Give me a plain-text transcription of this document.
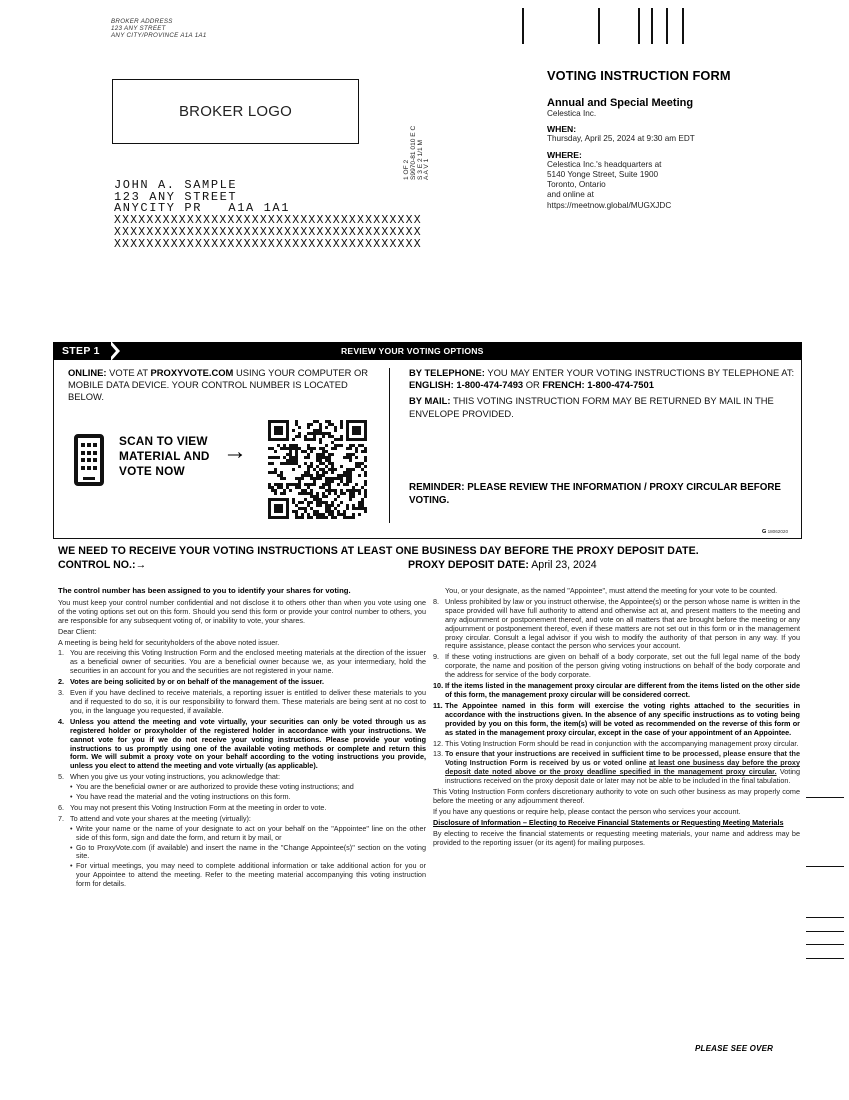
BROKER ADDRESS
123 ANY STREET
ANY CITY/PROVINCE A1A 1A1
BROKER LOGO
1 OF 2 S9970-81 010 E C S 3 E 2 1/1 M A A V 1
JOHN A. SAMPLE
123 ANY STREET
ANYCITY PR   A1A 1A1
XXXXXXXXXXXXXXXXXXXXXXXXXXXXXXXXXXXXXX
XXXXXXXXXXXXXXXXXXXXXXXXXXXXXXXXXXXXXX
XXXXXXXXXXXXXXXXXXXXXXXXXXXXXXXXXXXXXX
VOTING INSTRUCTION FORM
Annual and Special Meeting
Celestica Inc.
WHEN:
Thursday, April 25, 2024 at 9:30 am EDT
WHERE:
Celestica Inc.'s headquarters at
5140 Yonge Street, Suite 1900
Toronto, Ontario
and online at
https://meetnow.global/MUGXJDC
STEP 1	REVIEW YOUR VOTING OPTIONS
ONLINE: VOTE AT PROXYVOTE.COM USING YOUR COMPUTER OR MOBILE DATA DEVICE. YOUR CONTROL NUMBER IS LOCATED BELOW.
SCAN TO VIEW
MATERIAL AND
VOTE NOW
→
BY TELEPHONE: YOU MAY ENTER YOUR VOTING INSTRUCTIONS BY TELEPHONE AT: ENGLISH: 1-800-474-7493 OR FRENCH: 1-800-474-7501
BY MAIL: THIS VOTING INSTRUCTION FORM MAY BE RETURNED BY MAIL IN THE ENVELOPE PROVIDED.
REMINDER: PLEASE REVIEW THE INFORMATION / PROXY CIRCULAR BEFORE VOTING.
G 18062020
WE NEED TO RECEIVE YOUR VOTING INSTRUCTIONS AT LEAST ONE BUSINESS DAY BEFORE THE PROXY DEPOSIT DATE.
CONTROL NO.:→	PROXY DEPOSIT DATE: April 23, 2024

The control number has been assigned to you to identify your shares for voting.

You must keep your control number confidential and not disclose it to others other than when you vote using one of the voting options set out on this form. Should you send this form or provide your control number to others, you are responsible for any subsequent voting of, or inability to vote, your shares.

Dear Client:

A meeting is being held for securityholders of the above noted issuer.

1. You are receiving this Voting Instruction Form and the enclosed meeting materials at the direction of the issuer as a beneficial owner of securities. You are a beneficial owner because we, as your intermediary, hold the securities in an account for you and the securities are not registered in your name.
2. Votes are being solicited by or on behalf of the management of the issuer.
3. Even if you have declined to receive materials, a reporting issuer is entitled to deliver these materials to you and if requested to do so, it is our responsibility to forward them. These materials are being sent at no cost to you, in the language you requested, if available.
4. Unless you attend the meeting and vote virtually, your securities can only be voted through us as registered holder or proxyholder of the registered holder in accordance with your instructions. We cannot vote for you if we do not receive your voting instructions. Please provide your voting instructions to us promptly using one of the available voting methods or complete and return this form. We will submit a proxy vote on your behalf according to the voting instructions you provide, unless you elect to attend the meeting and vote virtually (as applicable).
5. When you give us your voting instructions, you acknowledge that:
• You are the beneficial owner or are authorized to provide these voting instructions; and
• You have read the material and the voting instructions on this form.
6. You may not present this Voting Instruction Form at the meeting in order to vote.
7. To attend and vote your shares at the meeting (virtually):
• Write your name or the name of your designate to act on your behalf on the "Appointee" line on the other side of this form, sign and date the form, and return it by mail, or
• Go to ProxyVote.com (if available) and insert the name in the "Change Appointee(s)" section on the voting site.
• For virtual meetings, you may need to complete additional information or take additional action for you or your Appointee to attend the meeting. Refer to the meeting material accompanying this voting instruction form for details.

You, or your designate, as the named "Appointee", must attend the meeting for your vote to be counted.

8. Unless prohibited by law or you instruct otherwise, the Appointee(s) or the person whose name is written in the space provided will have full authority to attend and otherwise act at, and present matters to the meeting and any adjournment or postponement thereof, and vote on all matters that are brought before the meeting or any adjournment or postponement thereof, even if these matters are not set out in this form or in the management proxy circular. Consult a legal advisor if you wish to modify the authority of that person in any way. If you require assistance, please contact the person who services your account.
9. If these voting instructions are given on behalf of a body corporate, set out the full legal name of the body corporate, the name and position of the person giving voting instructions on behalf of the body corporate and the address for service of the body corporate.
10. If the items listed in the management proxy circular are different from the items listed on the other side of this form, the management proxy circular will be considered correct.
11. The Appointee named in this form will exercise the voting rights attached to the securities in accordance with the instructions given. In the absence of any specific instructions as to voting being provided by you on this form, the item(s) will be voted as recommended on the reverse of this form or as stated in the management proxy circular, except in the case of your appointment of an Appointee.
12. This Voting Instruction Form should be read in conjunction with the accompanying management proxy circular.
13. To ensure that your instructions are received in sufficient time to be processed, please ensure that the Voting Instruction Form is received by us or voted online at least one business day before the proxy deposit date noted above or the proxy deadline specified in the management proxy circular. Voting instructions received on the proxy deposit date or later may not be able to be included in the final tabulation.

This Voting Instruction Form confers discretionary authority to vote on such other business as may properly come before the meeting or any adjournment thereof.

If you have any questions or require help, please contact the person who services your account.

Disclosure of Information – Electing to Receive Financial Statements or Requesting Meeting Materials

By electing to receive the financial statements or requesting meeting materials, your name and address may be provided to the reporting issuer (or its agent) for mailing purposes.

PLEASE SEE OVER
